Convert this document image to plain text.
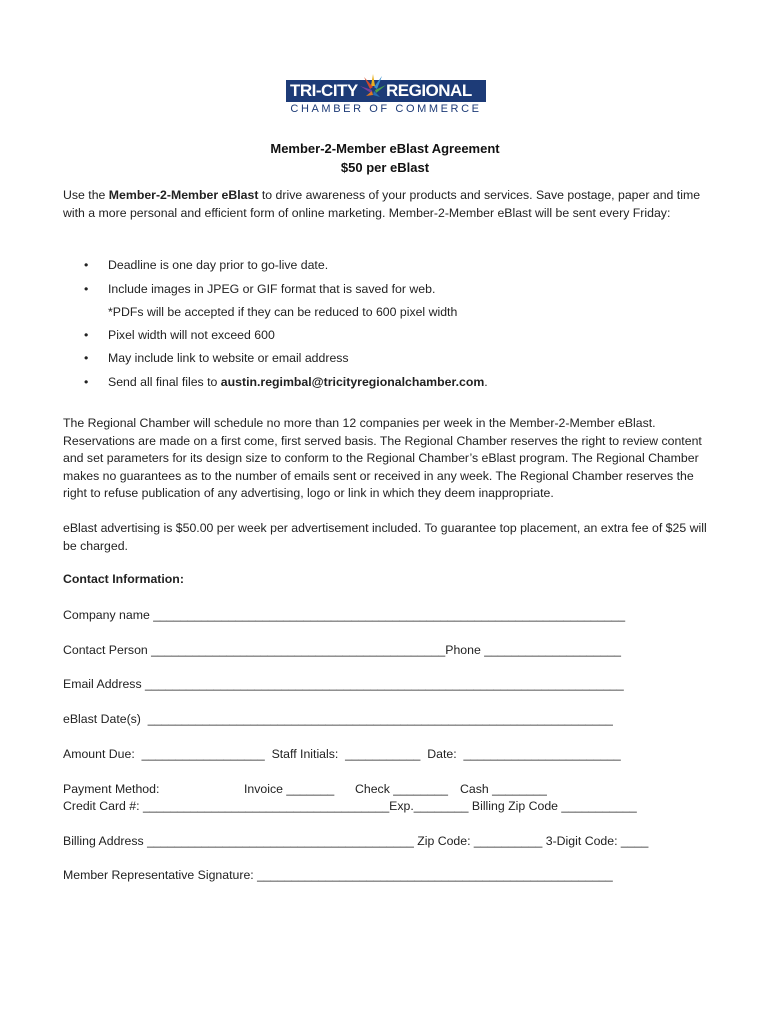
TRI-CITY REGIONAL
CHAMBER OF COMMERCE
Member-2-Member eBlast Agreement
$50 per eBlast
Use the Member-2-Member eBlast to drive awareness of your products and services. Save postage, paper and time with a more personal and efficient form of online marketing. Member-2-Member eBlast will be sent every Friday:
•	Deadline is one day prior to go-live date.
•	Include images in JPEG or GIF format that is saved for web.
*PDFs will be accepted if they can be reduced to 600 pixel width
•	Pixel width will not exceed 600
•	May include link to website or email address
•	Send all final files to austin.regimbal@tricityregionalchamber.com.
The Regional Chamber will schedule no more than 12 companies per week in the Member-2-Member eBlast. Reservations are made on a first come, first served basis. The Regional Chamber reserves the right to review content and set parameters for its design size to conform to the Regional Chamber’s eBlast program. The Regional Chamber makes no guarantees as to the number of emails sent or received in any week. The Regional Chamber reserves the right to refuse publication of any advertising, logo or link in which they deem inappropriate.
eBlast advertising is $50.00 per week per advertisement included. To guarantee top placement, an extra fee of $25 will be charged.
Contact Information:
Company name _____________________________________________________________________
Contact Person ___________________________________________Phone ____________________
Email Address ______________________________________________________________________
eBlast Date(s)  ____________________________________________________________________
Amount Due:  __________________ Staff Initials:  ___________ Date:  _______________________
Payment Method:	Invoice _______ Check ________ Cash ________
Credit Card #: ____________________________________Exp.________ Billing Zip Code ___________
Billing Address _______________________________________ Zip Code: __________ 3-Digit Code: ____
Member Representative Signature: ____________________________________________________
